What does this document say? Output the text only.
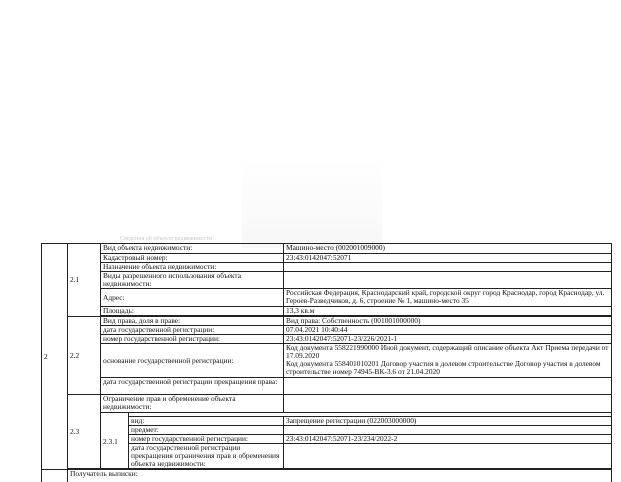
Сведения об объекте недвижимости
2	2.1	Вид объекта недвижимости:		Машино-место (002001009000)
		Кадастровый номер:		23:43:0142047:52071
		Назначение объекта недвижимости:		
		Виды разрешенного использования объекта недвижимости:		
		Адрес:		Российская Федерация, Краснодарский край, городской округ город Краснодар, город Краснодар, ул. Героев-Разведчиков, д. 6, строение № 1, машино-место 35
		Площадь:		13,3 кв.м

	2.2	Вид права, доля в праве:		Вид права: Собственность (001001000000)
		дата государственной регистрации:		07.04.2021 10:40:44
		номер государственной регистрации:		23:43:0142047:52071-23/226/2021-1
		основание государственной регистрации:		Код документа 558221990000 Иной документ, содержащий описание объекта Акт Приема передачи от 17.09.2020
Код документа 558401010201 Договор участия в долевом строительстве Договор участия в долевом строительстве номер 74945-ВК-3.6 от 21.04.2020

		дата государственной регистрации прекращения права:		
	2.3	Ограничение прав и обременение объекта недвижимости:		

		2.3.1	вид:	Запрещение регистрации (022003000000)
			предмет:	
			номер государственной регистрации:	23:43:0142047:52071-23/234/2022-2
			дата государственной регистрации прекращения ограничения прав и обременения объекта недвижимости:	

	Получатель выписки:			
